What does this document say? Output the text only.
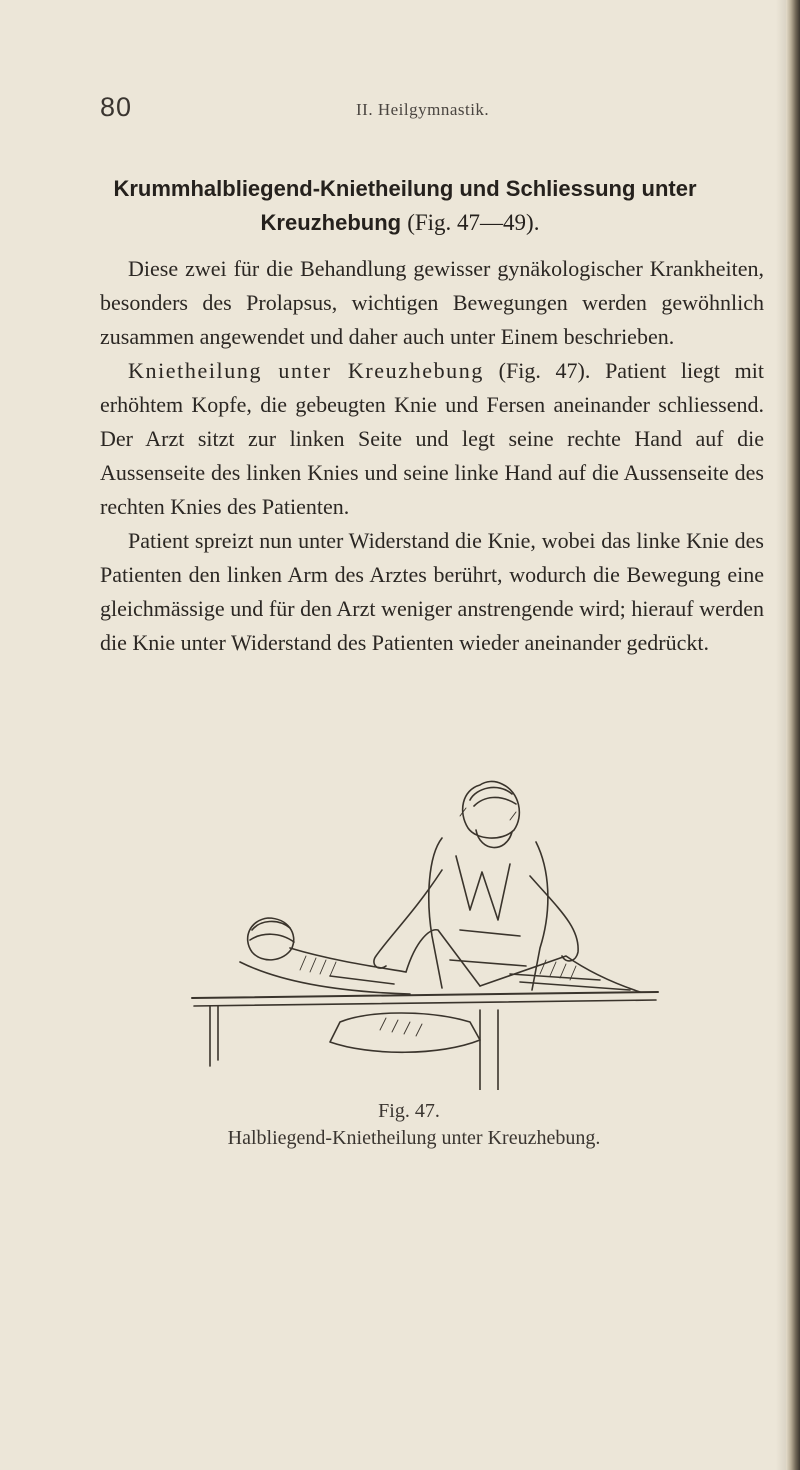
80	II. Heilgymnastik.
Krummhalbliegend-Knietheilung und Schliessung unter
Kreuzhebung (Fig. 47—49).

Diese zwei für die Behandlung gewisser gynäkologischer Krankheiten, besonders des Prolapsus, wichtigen Bewegungen werden gewöhnlich zusammen angewendet und daher auch unter Einem beschrieben.

Knietheilung unter Kreuzhebung (Fig. 47). Patient liegt mit erhöhtem Kopfe, die gebeugten Knie und Fersen aneinander schliessend. Der Arzt sitzt zur linken Seite und legt seine rechte Hand auf die Aussenseite des linken Knies und seine linke Hand auf die Aussenseite des rechten Knies des Patienten.

Patient spreizt nun unter Widerstand die Knie, wobei das linke Knie des Patienten den linken Arm des Arztes berührt, wodurch die Bewegung eine gleichmässige und für den Arzt weniger anstrengende wird; hierauf werden die Knie unter Widerstand des Patienten wieder aneinander gedrückt.

Fig. 47.
Halbliegend-Knietheilung unter Kreuzhebung.
